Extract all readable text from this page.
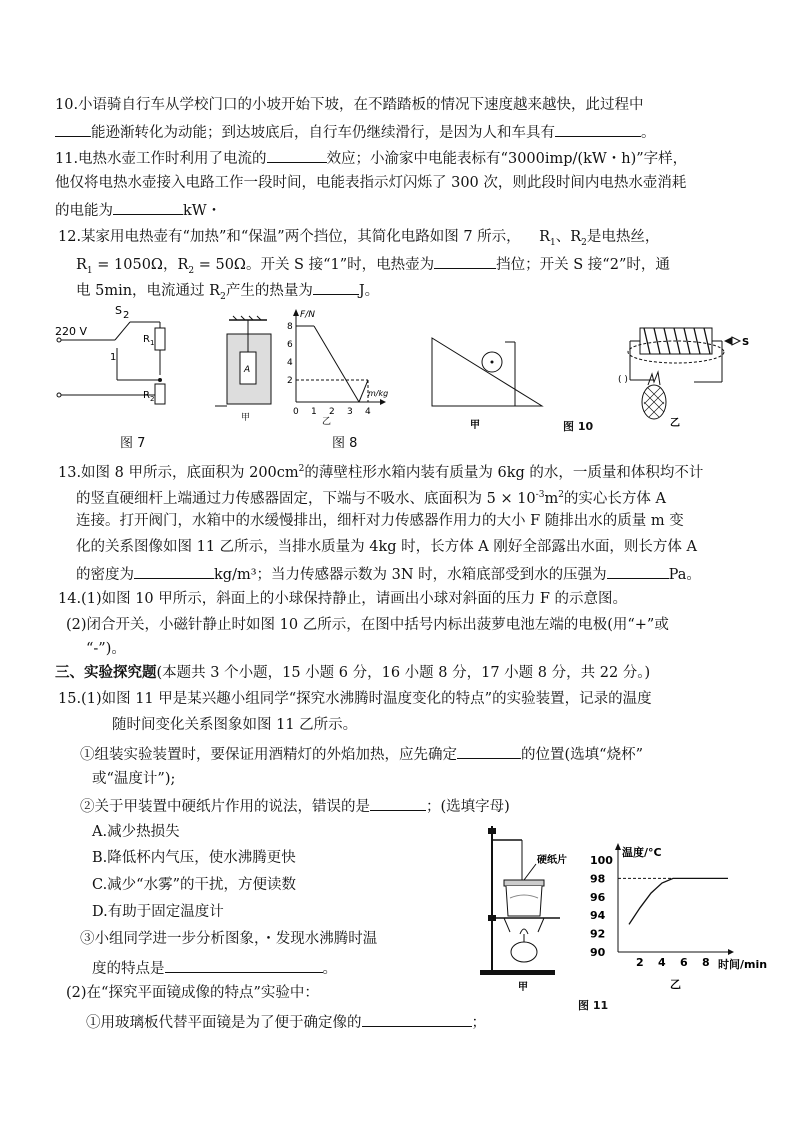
10.小语骑自行车从学校门口的小坡开始下坡，在不踏踏板的情况下速度越来越快，此过程中
能逊渐转化为动能；到达坡底后，自行车仍继续滑行，是因为人和车具有	。
11.电热水壶工作时利用了电流的	效应；小渝家中电能表标有“3000imp/(kW・h)”字样，
他仅将电热水壶接入电路工作一段时间，电能表指示灯闪烁了 300 次，则此段时间内电热水壶消耗
的电能为	kW・
12.某家用电热壶有“加热”和“保温”两个挡位，其简化电路如图 7 所示， $R_1$、$R_2$是电热丝，
$R_1 = 1050\Omega$，$R_2 = 50\Omega$。开关 S 接“1”时，电热壶为	挡位；开关 S 接“2”时，通
电 5min，电流通过 $R_2$产生的热量为	J。
220 V
S 2
1
$R_1$
$R_2$
图 7
A
甲
F/N
8
6
4
2
0 1 2 3 4
m/kg
乙
图 8
甲	图 10
S
( )
乙
13.如图 8 甲所示，底面积为 $200cm^2$的薄壁柱形水箱内装有质量为 6kg 的水，一质量和体积均不计
的竖直硬细杆上端通过力传感器固定，下端与不吸水、底面积为 $5 \times 10^{-3}m^2$的实心长方体 A
连接。打开阀门，水箱中的水缓慢排出，细杆对力传感器作用力的大小 F 随排出水的质量 m 变
化的关系图像如图 11 乙所示，当排水质量为 4kg 时，长方体 A 刚好全部露出水面，则长方体 A
的密度为	kg/m³；当力传感器示数为 3N 时，水箱底部受到水的压强为	Pa。
14.(1)如图 10 甲所示，斜面上的小球保持静止，请画出小球对斜面的压力 F 的示意图。
(2)闭合开关，小磁针静止时如图 10 乙所示，在图中括号内标出菠萝电池左端的电极(用“+”或
“-”)。
三、实验探究题(本题共 3 个小题，15 小题 6 分，16 小题 8 分，17 小题 8 分，共 22 分。)
15.(1)如图 11 甲是某兴趣小组同学“探究水沸腾时温度变化的特点”的实验装置，记录的温度
随时间变化关系图象如图 11 乙所示。
①组装实验装置时，要保证用酒精灯的外焰加热，应先确定	的位置(选填“烧杯”
或“温度计”);
②关于甲装置中硬纸片作用的说法，错误的是	；(选填字母)
A.减少热损失
B.降低杯内气压，使水沸腾更快
C.减少“水雾”的干扰，方便读数
D.有助于固定温度计
③小组同学进一步分析图象，・发现水沸腾时温
度的特点是	。
(2)在“探究平面镜成像的特点”实验中：
①用玻璃板代替平面镜是为了便于确定像的	；
硬纸片
甲
图 11
温度/°C
时间/min
100
98
96
94
92
90
2 4 6 8
乙
